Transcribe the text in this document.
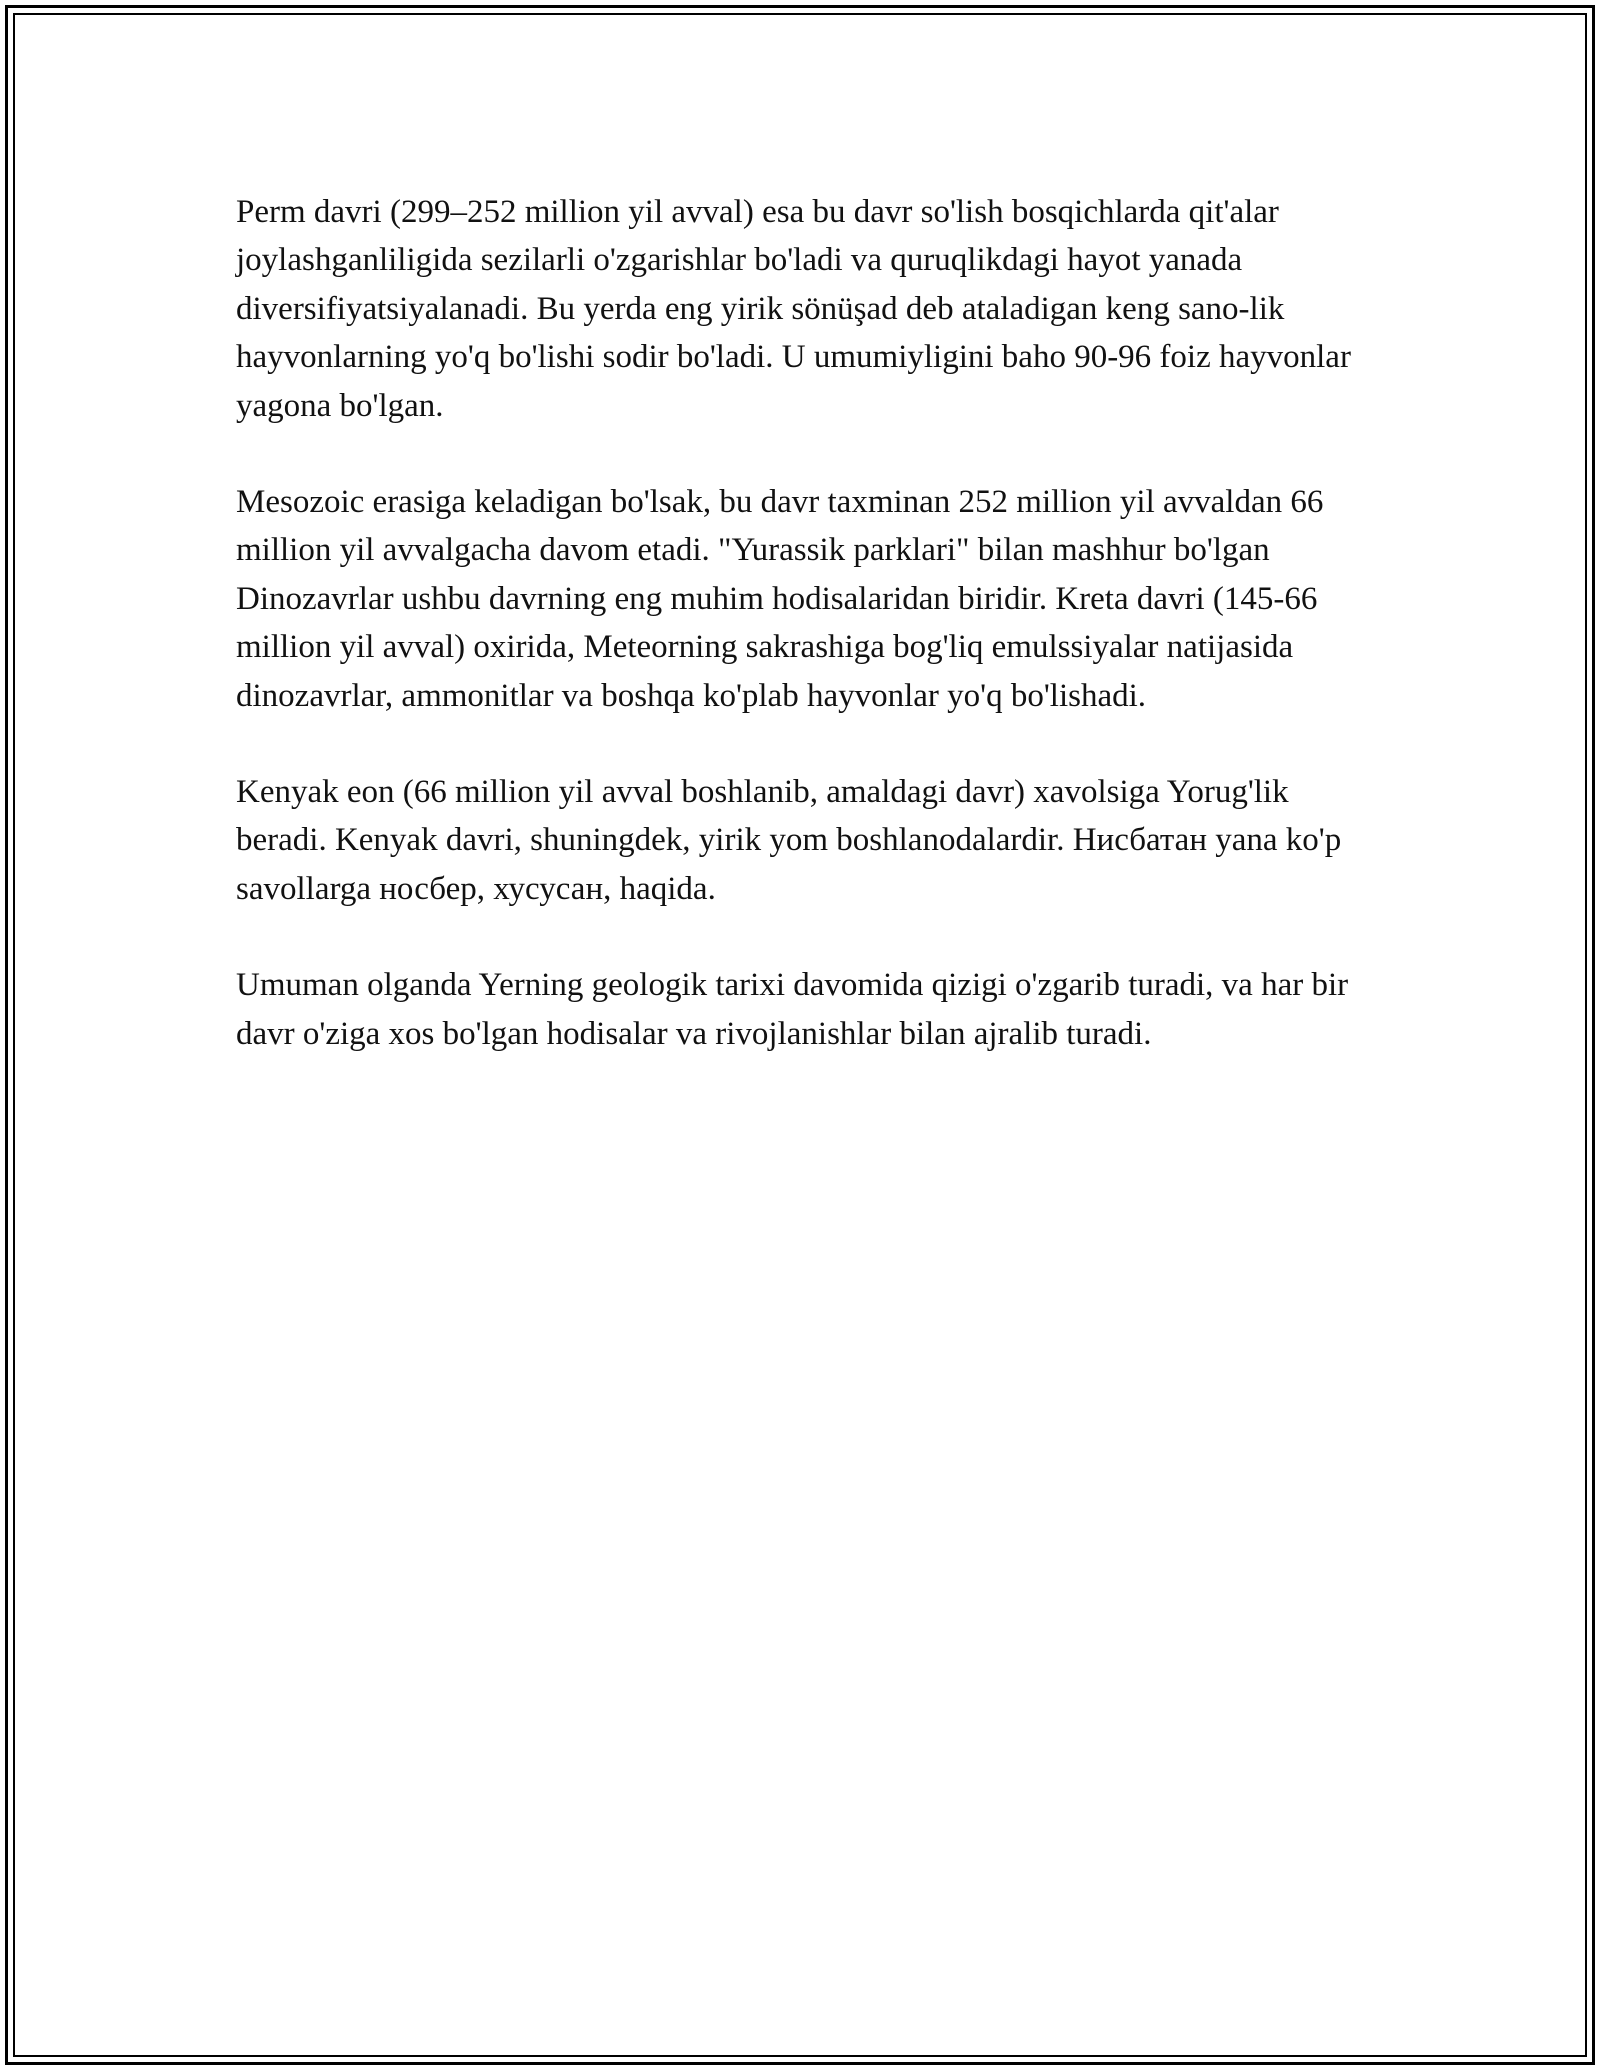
Perm davri (299–252 million yil avval) esa bu davr so'lish bosqichlarda qit'alar joylashganliligida sezilarli o'zgarishlar bo'ladi va quruqlikdagi hayot yanada diversifiyatsiyalanadi. Bu yerda eng yirik sönüşad deb ataladigan keng sano-lik hayvonlarning yo'q bo'lishi sodir bo'ladi. U umumiyligini baho 90-96 foiz hayvonlar yagona bo'lgan.

Mesozoic erasiga keladigan bo'lsak, bu davr taxminan 252 million yil avvaldan 66 million yil avvalgacha davom etadi. "Yurassik parklari" bilan mashhur bo'lgan Dinozavrlar ushbu davrning eng muhim hodisalaridan biridir. Kreta davri (145-66 million yil avval) oxirida, Meteorning sakrashiga bog'liq emulssiyalar natijasida dinozavrlar, ammonitlar va boshqa ko'plab hayvonlar yo'q bo'lishadi.

Kenyak eon (66 million yil avval boshlanib, amaldagi davr) xavolsiga Yorug'lik beradi. Kenyak davri, shuningdek, yirik yom boshlanodalardir. Нисбатан yana ko'p savollarga носбер, хусусан, haqida.

Umuman olganda Yerning geologik tarixi davomida qizigi o'zgarib turadi, va har bir davr o'ziga xos bo'lgan hodisalar va rivojlanishlar bilan ajralib turadi.
